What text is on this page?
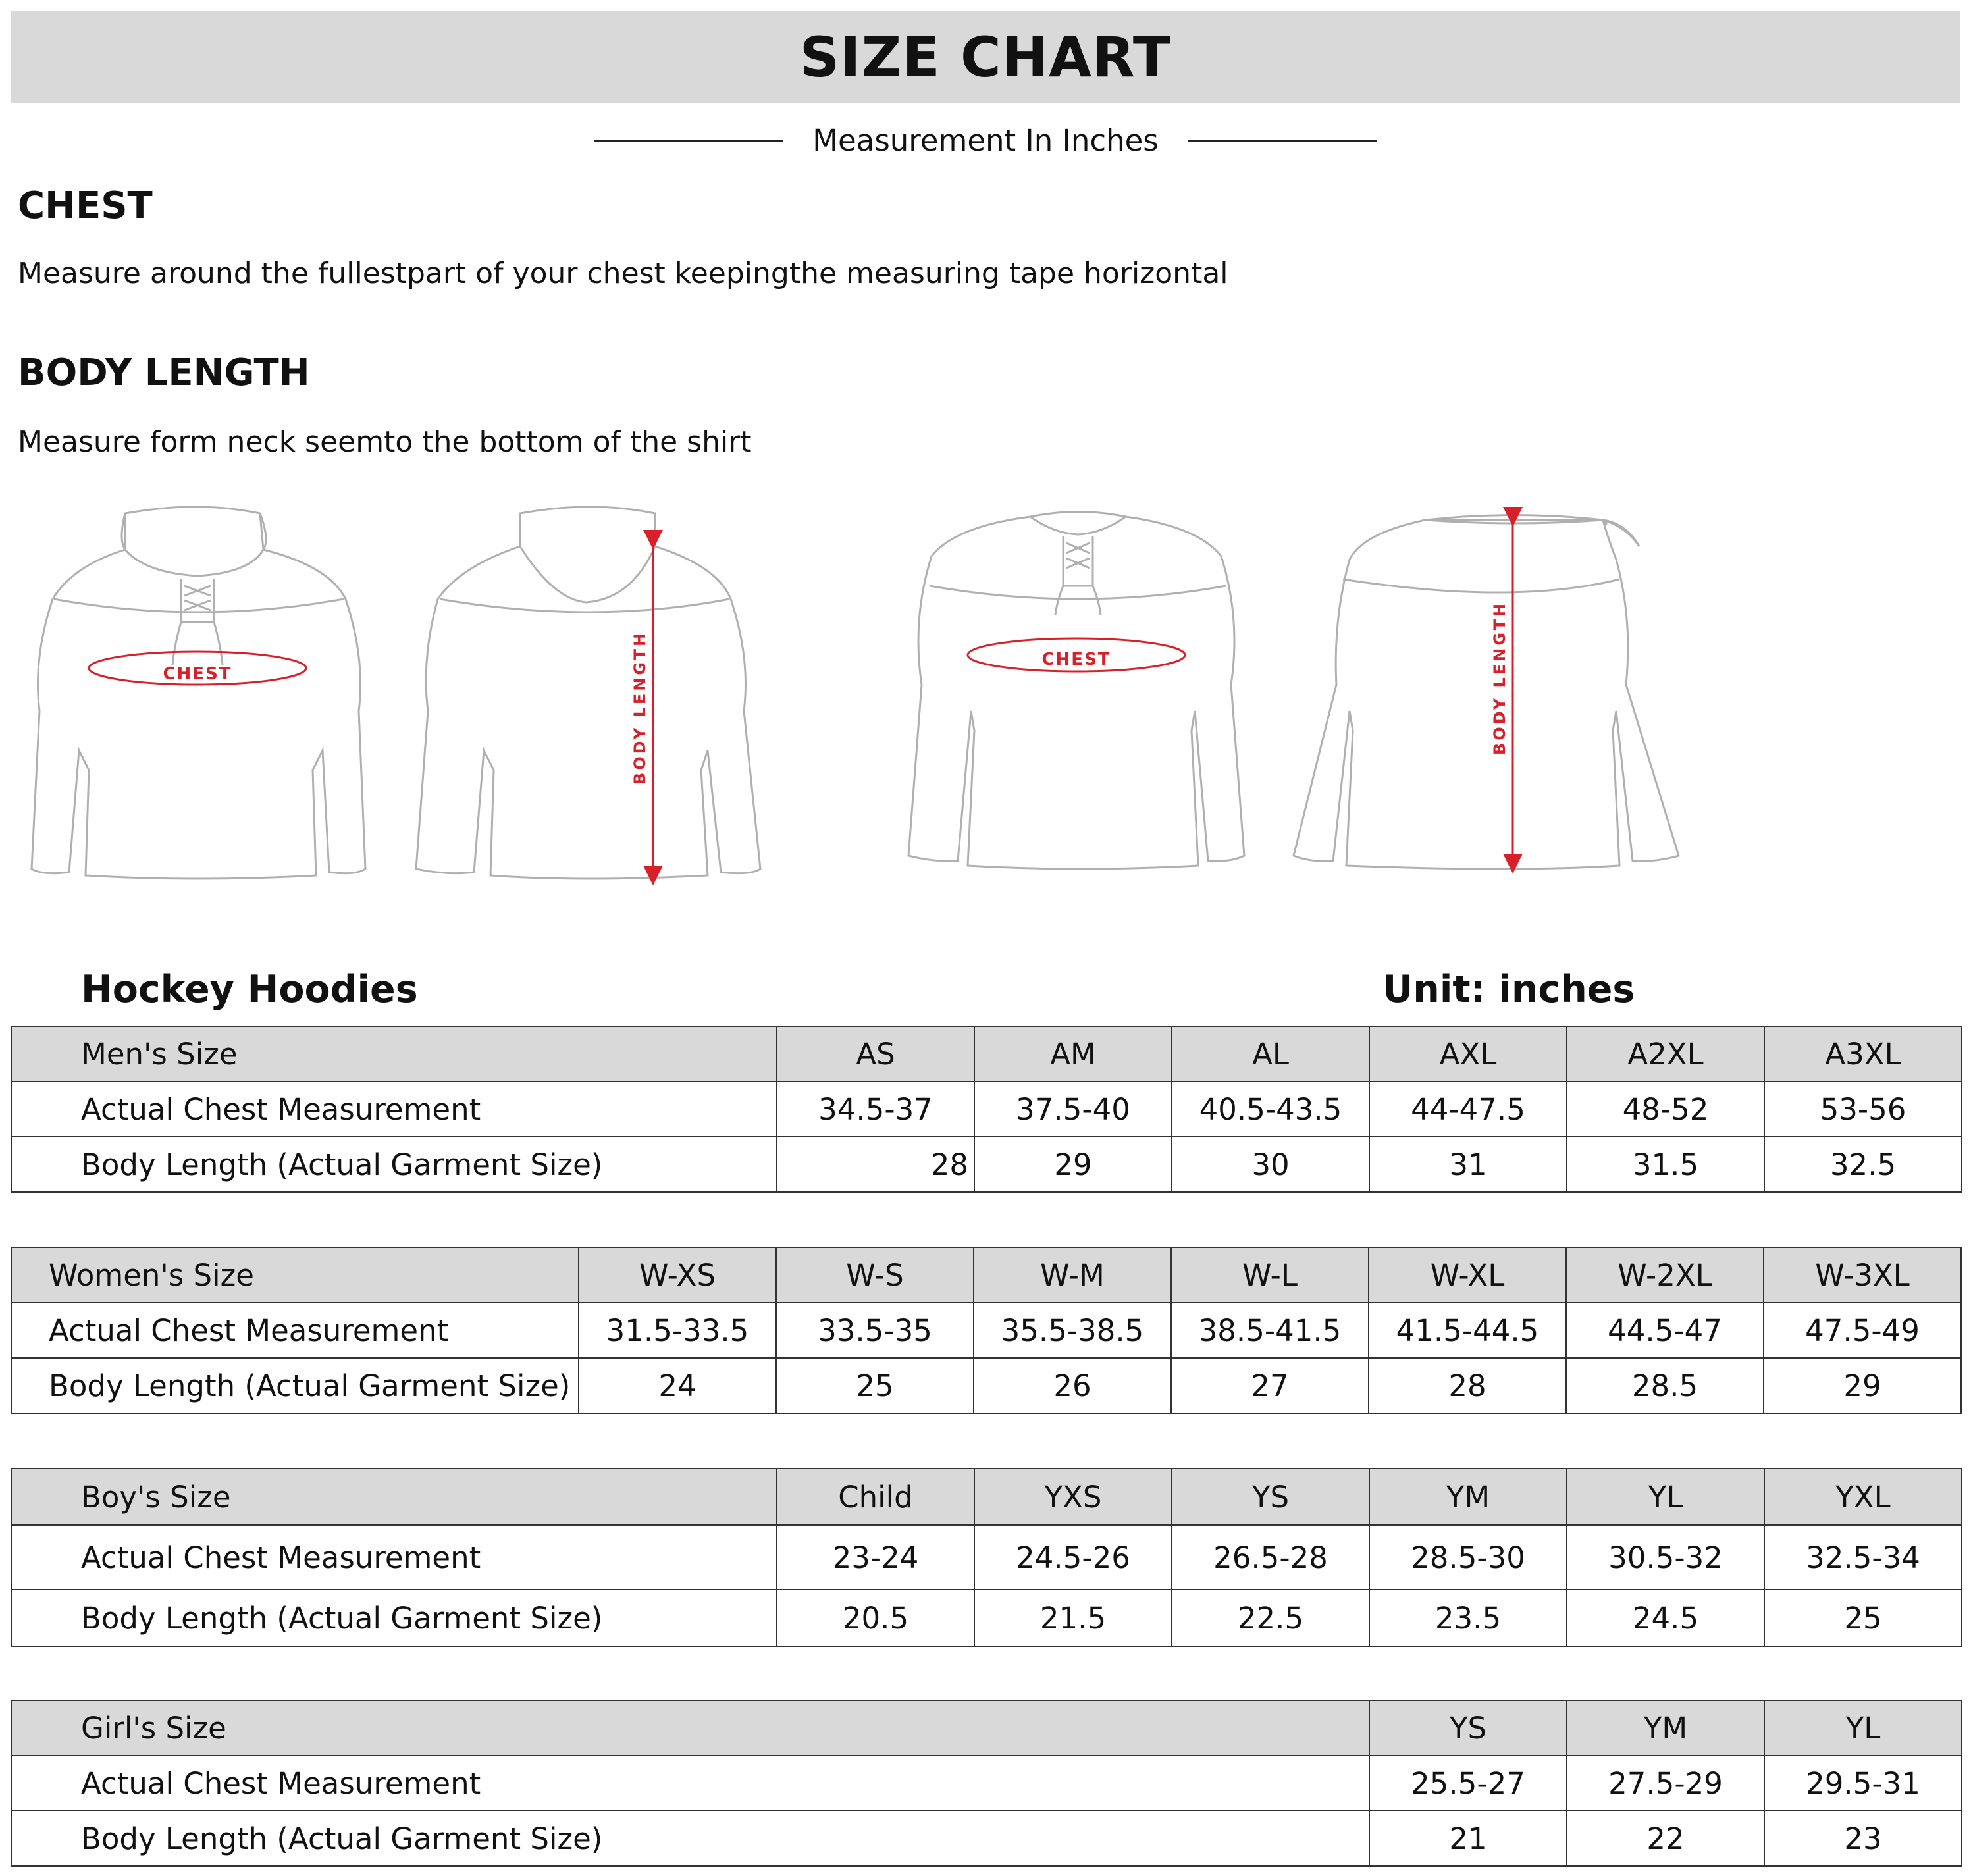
SIZE CHART
Measurement In Inches
CHEST
Measure around the fullestpart of your chest keepingthe measuring tape horizontal
BODY LENGTH
Measure form neck seemto the bottom of the shirt
CHEST	BODY LENGTH	CHEST	BODY LENGTH
Hockey Hoodies	Unit: inches
Men's Size	AS	AM	AL	AXL	A2XL	A3XL
Actual Chest Measurement	34.5-37	37.5-40	40.5-43.5	44-47.5	48-52	53-56
Body Length (Actual Garment Size)	28	29	30	31	31.5	32.5
Women's Size	W-XS	W-S	W-M	W-L	W-XL	W-2XL	W-3XL
Actual Chest Measurement	31.5-33.5	33.5-35	35.5-38.5	38.5-41.5	41.5-44.5	44.5-47	47.5-49
Body Length (Actual Garment Size)	24	25	26	27	28	28.5	29
Boy's Size	Child	YXS	YS	YM	YL	YXL
Actual Chest Measurement	23-24	24.5-26	26.5-28	28.5-30	30.5-32	32.5-34
Body Length (Actual Garment Size)	20.5	21.5	22.5	23.5	24.5	25
Girl's Size	YS	YM	YL
Actual Chest Measurement	25.5-27	27.5-29	29.5-31
Body Length (Actual Garment Size)	21	22	23
